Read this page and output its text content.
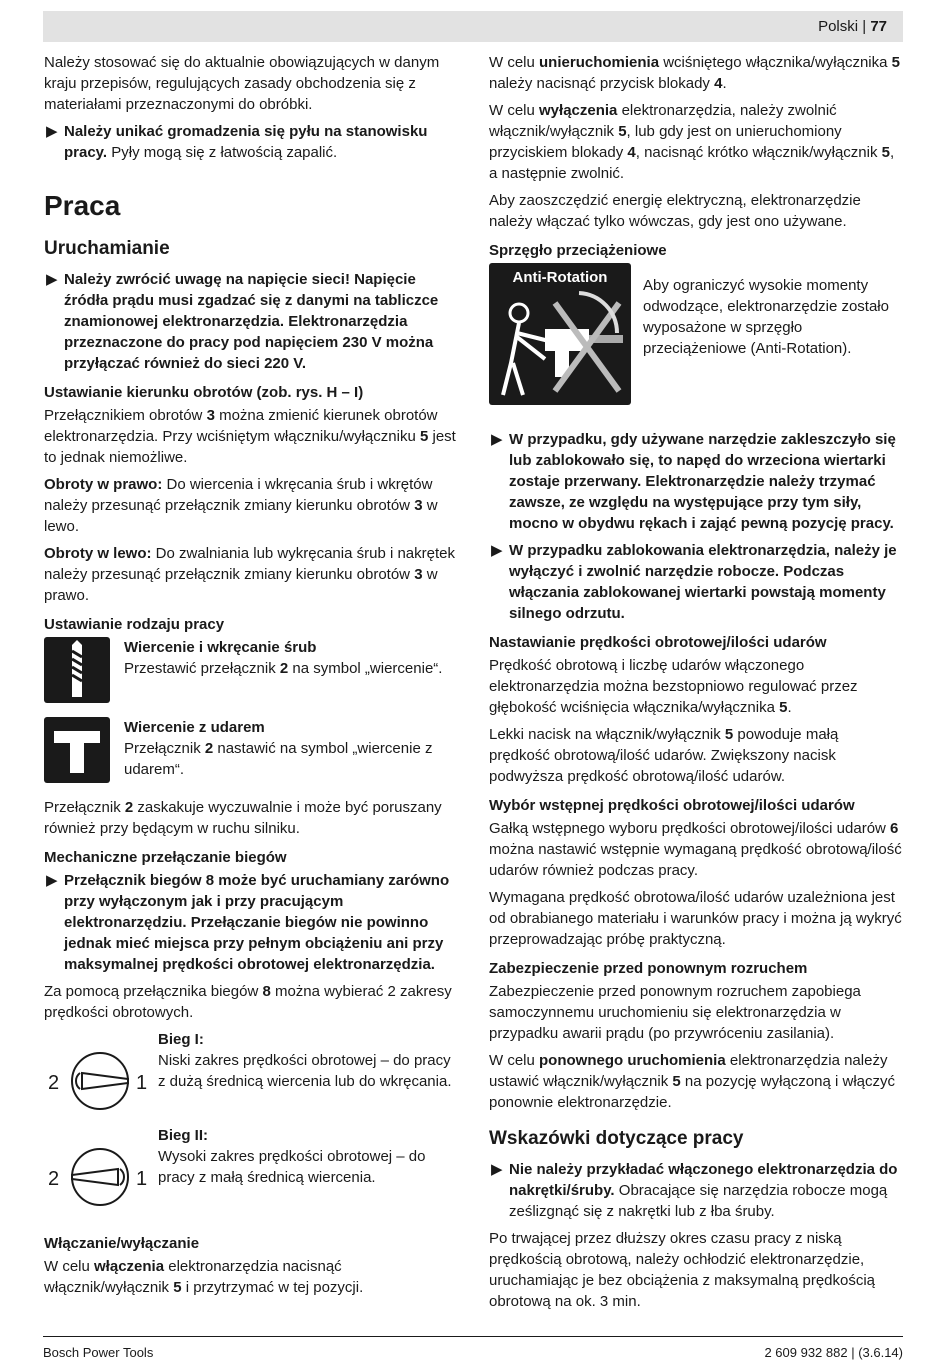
Polski | 77

Należy stosować się do aktualnie obowiązujących w danym kraju przepisów, regulujących zasady obchodzenia się z materiałami przeznaczonymi do obróbki.

▶ Należy unikać gromadzenia się pyłu na stanowisku pracy. Pyły mogą się z łatwością zapalić.
Praca
Uruchamianie
▶ Należy zwrócić uwagę na napięcie sieci! Napięcie źródła prądu musi zgadzać się z danymi na tabliczce znamionowej elektronarzędzia. Elektronarzędzia przeznaczone do pracy pod napięciem 230 V można przyłączać również do sieci 220 V.
Ustawianie kierunku obrotów (zob. rys. H – I)

Przełącznikiem obrotów 3 można zmienić kierunek obrotów elektronarzędzia. Przy wciśniętym włączniku/wyłączniku 5 jest to jednak niemożliwe.

Obroty w prawo: Do wiercenia i wkręcania śrub i wkrętów należy przesunąć przełącznik zmiany kierunku obrotów 3 w lewo.

Obroty w lewo: Do zwalniania lub wykręcania śrub i nakrętek należy przesunąć przełącznik zmiany kierunku obrotów 3 w prawo.

Ustawianie rodzaju pracy
Wiercenie i wkręcanie śrub
Przestawić przełącznik 2 na symbol „wiercenie“.
Wiercenie z udarem
Przełącznik 2 nastawić na symbol „wiercenie z udarem“.

Przełącznik 2 zaskakuje wyczuwalnie i może być poruszany również przy będącym w ruchu silniku.

Mechaniczne przełączanie biegów
▶ Przełącznik biegów 8 może być uruchamiany zarówno przy wyłączonym jak i przy pracującym elektronarzędziu. Przełączanie biegów nie powinno jednak mieć miejsca przy pełnym obciążeniu ani przy maksymalnej prędkości obrotowej elektronarzędzia.

Za pomocą przełącznika biegów 8 można wybierać 2 zakresy prędkości obrotowych.

2	1
Bieg I:
Niski zakres prędkości obrotowej – do pracy z dużą średnicą wiercenia lub do wkręcania.
2	1
Bieg II:
Wysoki zakres prędkości obrotowej – do pracy z małą średnicą wiercenia.
Włączanie/wyłączanie

W celu włączenia elektronarzędzia nacisnąć włącznik/wyłącznik 5 i przytrzymać w tej pozycji.

W celu unieruchomienia wciśniętego włącznika/wyłącznika 5 należy nacisnąć przycisk blokady 4.

W celu wyłączenia elektronarzędzia, należy zwolnić włącznik/wyłącznik 5, lub gdy jest on unieruchomiony przyciskiem blokady 4, nacisnąć krótko włącznik/wyłącznik 5, a następnie zwolnić.

Aby zaoszczędzić energię elektryczną, elektronarzędzie należy włączać tylko wówczas, gdy jest ono używane.

Sprzęgło przeciążeniowe
Anti-Rotation	Aby ograniczyć wysokie momenty odwodzące, elektronarzędzie zostało wyposażone w sprzęgło przeciążeniowe (Anti-Rotation).
▶ W przypadku, gdy używane narzędzie zakleszczyło się lub zablokowało się, to napęd do wrzeciona wiertarki zostaje przerwany. Elektronarzędzie należy trzymać zawsze, ze względu na występujące przy tym siły, mocno w obydwu rękach i zająć pewną pozycję pracy.
▶ W przypadku zablokowania elektronarzędzia, należy je wyłączyć i zwolnić narzędzie robocze. Podczas włączania zablokowanej wiertarki powstają momenty silnego odrzutu.
Nastawianie prędkości obrotowej/ilości udarów

Prędkość obrotową i liczbę udarów włączonego elektronarzędzia można bezstopniowo regulować przez głębokość wciśnięcia włącznika/wyłącznika 5.

Lekki nacisk na włącznik/wyłącznik 5 powoduje małą prędkość obrotową/ilość udarów. Zwiększony nacisk podwyższa prędkość obrotową/ilość udarów.

Wybór wstępnej prędkości obrotowej/ilości udarów

Gałką wstępnego wyboru prędkości obrotowej/ilości udarów 6 można nastawić wstępnie wymaganą prędkość obrotową/ilość udarów również podczas pracy.

Wymagana prędkość obrotowa/ilość udarów uzależniona jest od obrabianego materiału i warunków pracy i można ją wykryć przeprowadzając próbę praktyczną.

Zabezpieczenie przed ponownym rozruchem

Zabezpieczenie przed ponownym rozruchem zapobiega samoczynnemu uruchomieniu się elektronarzędzia w przypadku awarii prądu (po przywróceniu zasilania).

W celu ponownego uruchomienia elektronarzędzia należy ustawić włącznik/wyłącznik 5 na pozycję wyłączoną i włączyć ponownie elektronarzędzie.

Wskazówki dotyczące pracy
▶ Nie należy przykładać włączonego elektronarzędzia do nakrętki/śruby. Obracające się narzędzia robocze mogą ześlizgnąć się z nakrętki lub z łba śruby.

Po trwającej przez dłuższy okres czasu pracy z niską prędkością obrotową, należy ochłodzić elektronarzędzie, uruchamiając je bez obciążenia z maksymalną prędkością obrotową na ok. 3 min.

Bosch Power Tools	2 609 932 882 | (3.6.14)
